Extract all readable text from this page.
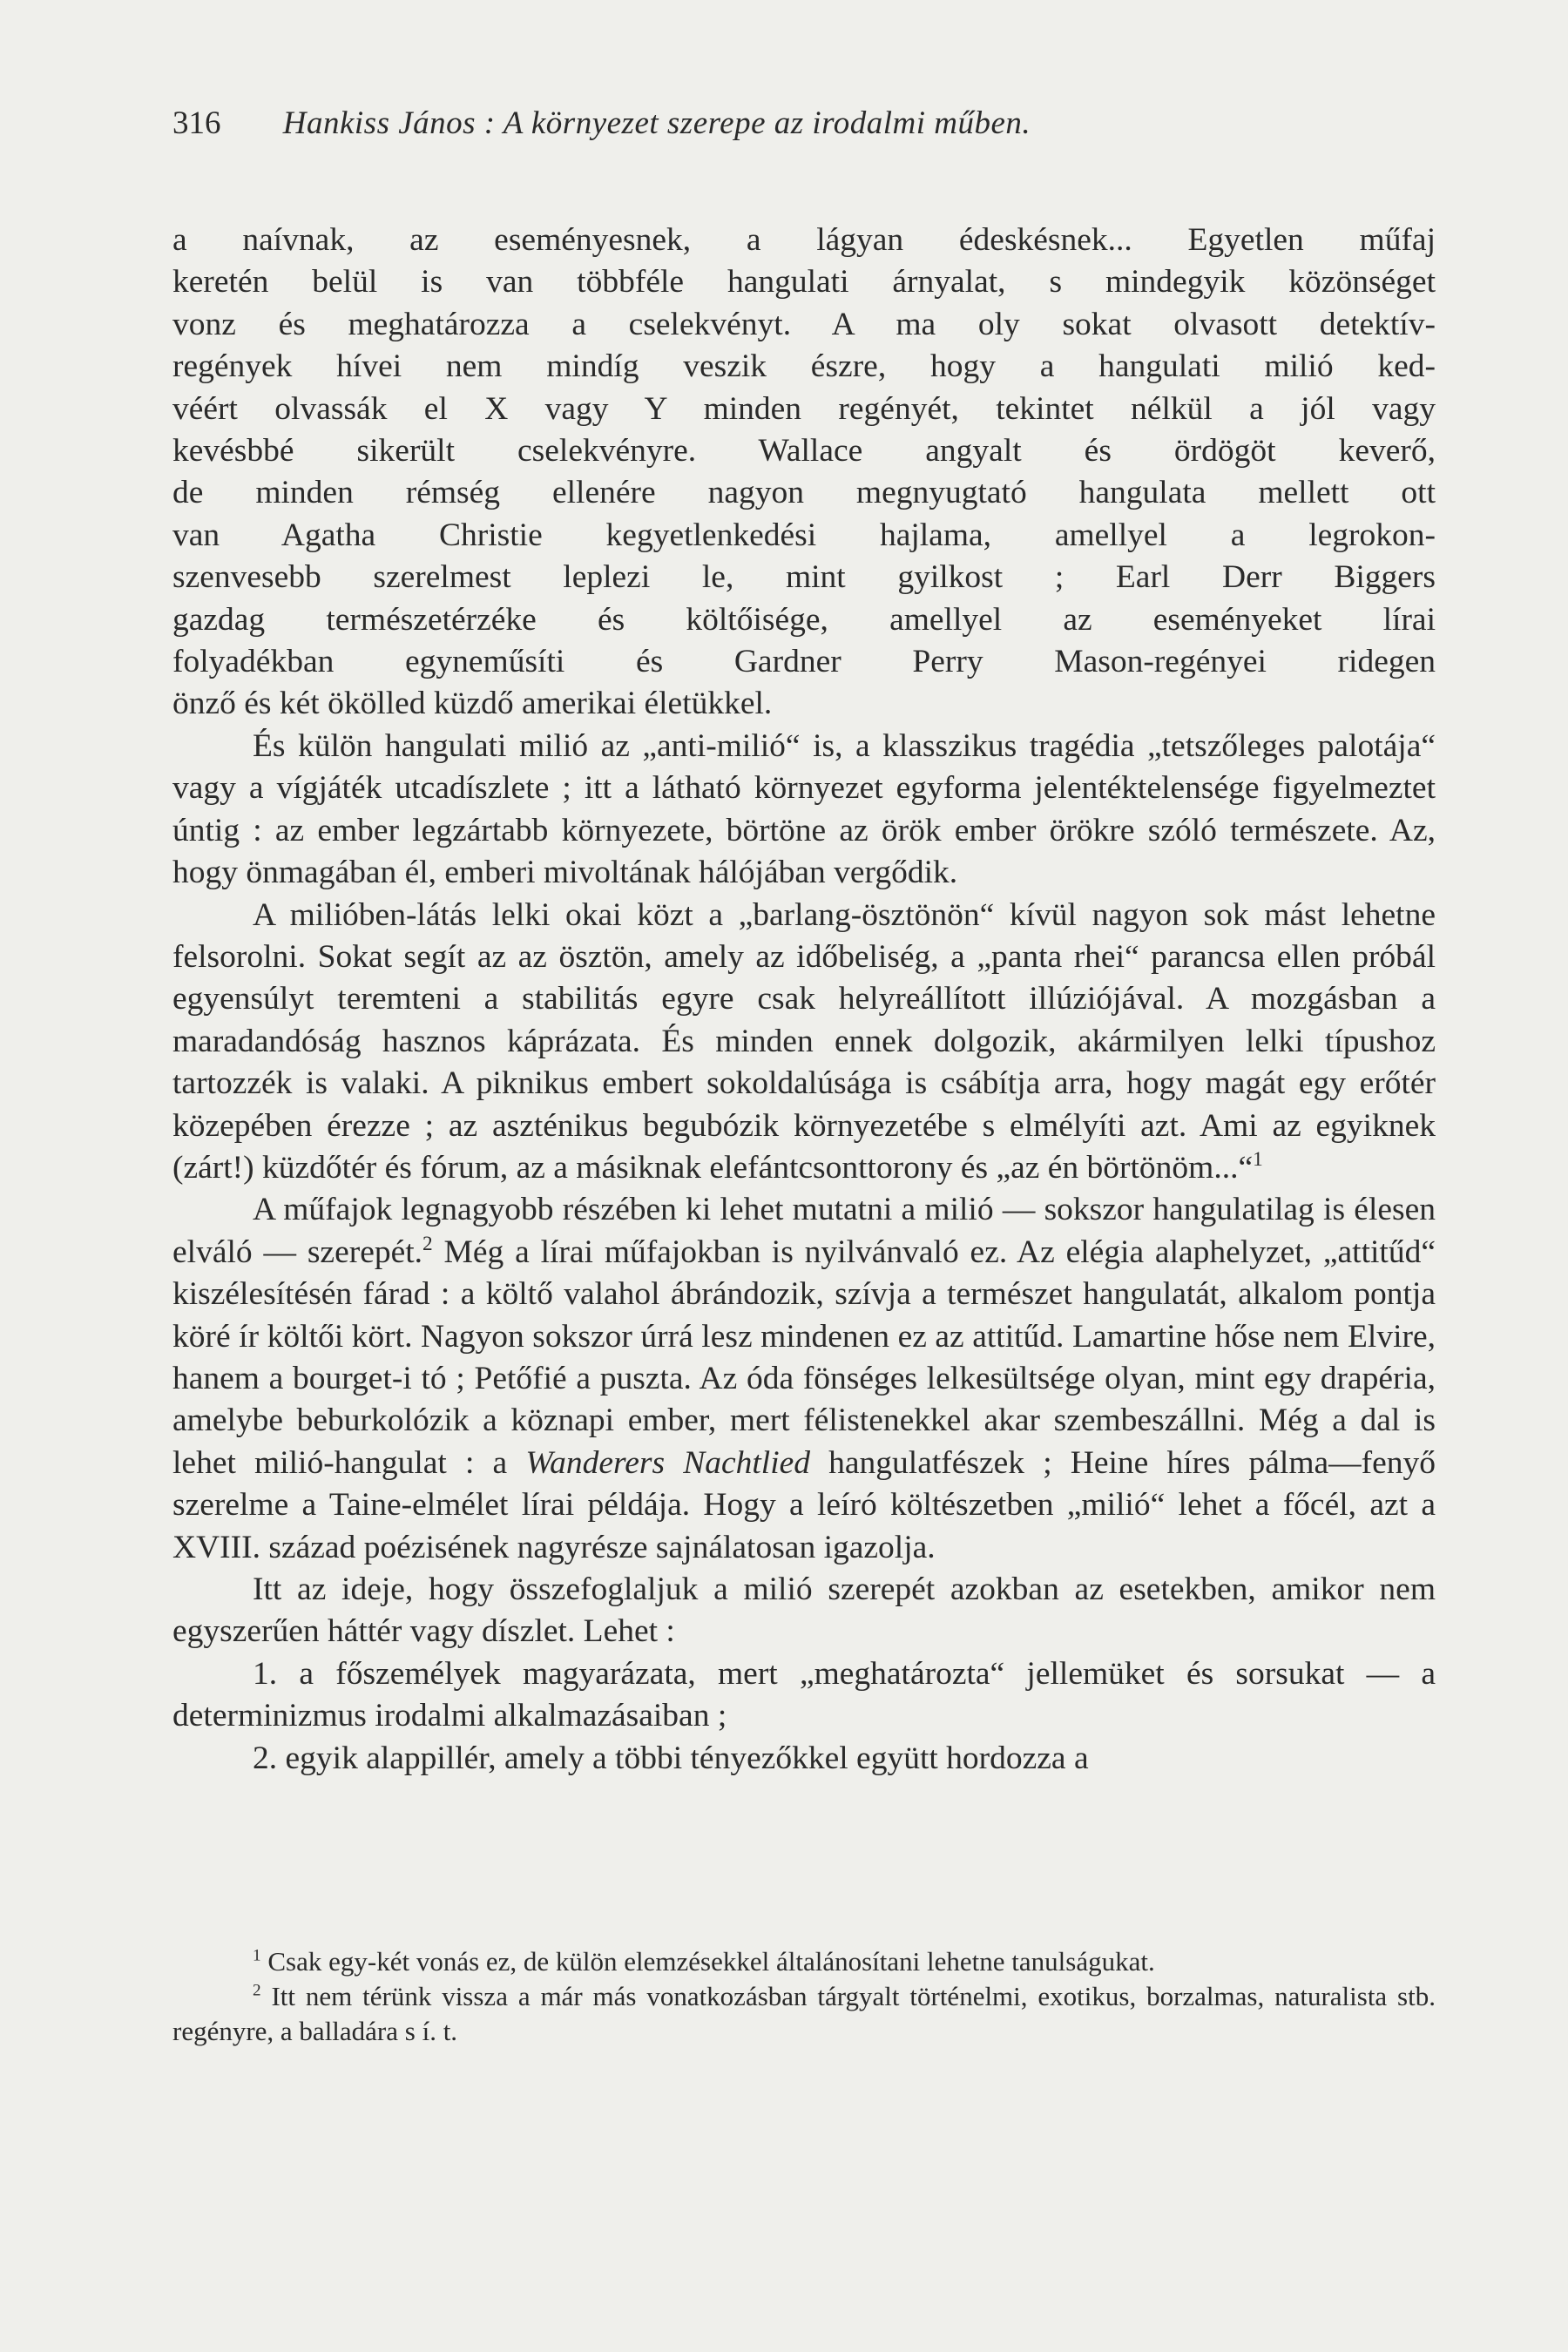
316 Hankiss János : A környezet szerepe az irodalmi műben.

a naívnak, az eseményesnek, a lágyan édeskésnek... Egyetlen műfaj
keretén belül is van többféle hangulati árnyalat, s mindegyik közönséget
vonz és meghatározza a cselekvényt. A ma oly sokat olvasott detektív-
regények hívei nem mindíg veszik észre, hogy a hangulati milió ked-
véért olvassák el X vagy Y minden regényét, tekintet nélkül a jól vagy
kevésbbé sikerült cselekvényre. Wallace angyalt és ördögöt keverő,
de minden rémség ellenére nagyon megnyugtató hangulata mellett ott
van Agatha Christie kegyetlenkedési hajlama, amellyel a legrokon-
szenvesebb szerelmest leplezi le, mint gyilkost ; Earl Derr Biggers
gazdag természetérzéke és költőisége, amellyel az eseményeket lírai
folyadékban egyneműsíti és Gardner Perry Mason-regényei ridegen

önző és két ökölled küzdő amerikai életükkel.

És külön hangulati milió az „anti-milió“ is, a klasszikus tragédia „tetszőleges palotája“ vagy a vígjáték utcadíszlete ; itt a látható környezet egyforma jelentéktelensége figyelmeztet úntig : az ember legzártabb környezete, börtöne az örök ember örökre szóló természete. Az, hogy önmagában él, emberi mivoltának hálójában vergődik.

A milióben-látás lelki okai közt a „barlang-ösztönön“ kívül nagyon sok mást lehetne felsorolni. Sokat segít az az ösztön, amely az időbeliség, a „panta rhei“ parancsa ellen próbál egyensúlyt teremteni a stabilitás egyre csak helyreállított illúziójával. A mozgásban a maradandóság hasznos káprázata. És minden ennek dolgozik, akármilyen lelki típushoz tartozzék is valaki. A piknikus embert sokoldalúsága is csábítja arra, hogy magát egy erőtér közepében érezze ; az aszténikus begubózik környezetébe s elmélyíti azt. Ami az egyiknek (zárt!) küzdőtér és fórum, az a másiknak elefántcsonttorony és „az én börtönöm...“$^1$

A műfajok legnagyobb részében ki lehet mutatni a milió — sokszor hangulatilag is élesen elváló — szerepét.$^2$ Még a lírai műfajokban is nyilvánvaló ez. Az elégia alaphelyzet, „attitűd“ kiszélesítésén fárad : a költő valahol ábrándozik, szívja a természet hangulatát, alkalom pontja köré ír költői kört. Nagyon sokszor úrrá lesz mindenen ez az attitűd. Lamartine hőse nem Elvire, hanem a bourget-i tó ; Petőfié a puszta. Az óda fönséges lelkesültsége olyan, mint egy drapéria, amelybe beburkolózik a köznapi ember, mert félistenekkel akar szembeszállni. Még a dal is lehet milió-hangulat : a Wanderers Nachtlied hangulatfészek ; Heine híres pálma—fenyő szerelme a Taine-elmélet lírai példája. Hogy a leíró költészetben „milió“ lehet a főcél, azt a XVIII. század poézisének nagyrésze sajnálatosan igazolja.

Itt az ideje, hogy összefoglaljuk a milió szerepét azokban az esetekben, amikor nem egyszerűen háttér vagy díszlet. Lehet :

1. a főszemélyek magyarázata, mert „meghatározta“ jellemüket és sorsukat — a determinizmus irodalmi alkalmazásaiban ;

2. egyik alappillér, amely a többi tényezőkkel együtt hordozza a

$^1$ Csak egy-két vonás ez, de külön elemzésekkel általánosítani lehetne tanulságukat.

$^2$ Itt nem térünk vissza a már más vonatkozásban tárgyalt történelmi, exotikus, borzalmas, naturalista stb. regényre, a balladára s í. t.
